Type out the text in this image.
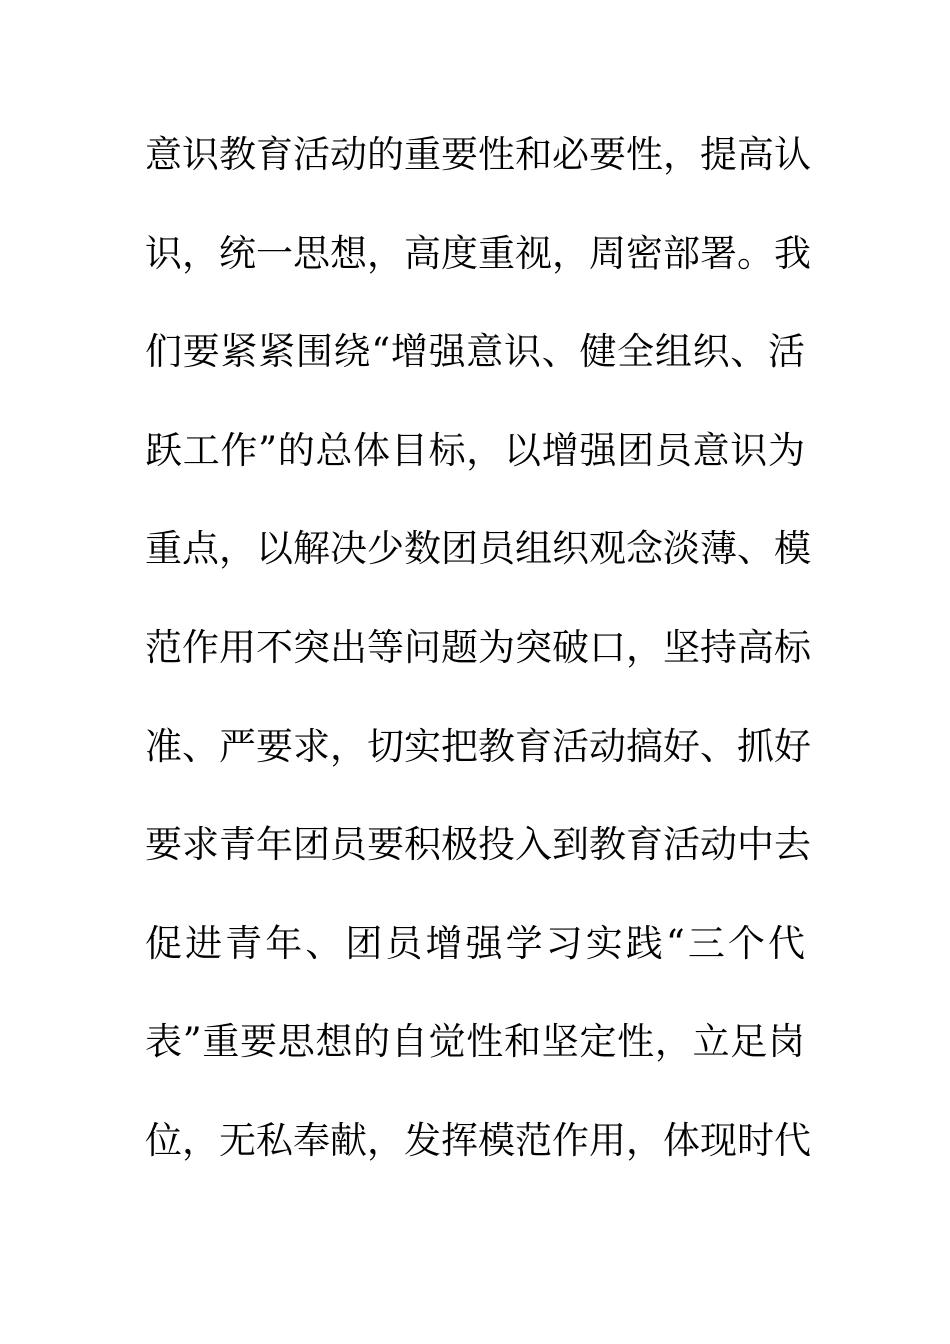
意识教育活动的重要性和必要性，提高认
识，统一思想，高度重视，周密部署。我
们要紧紧围绕“增强意识、健全组织、活
跃工作”的总体目标，以增强团员意识为
重点，以解决少数团员组织观念淡薄、模
范作用不突出等问题为突破口，坚持高标
准、严要求，切实把教育活动搞好、抓好
要求青年团员要积极投入到教育活动中去
促进青年、团员增强学习实践“三个代
表”重要思想的自觉性和坚定性，立足岗
位，无私奉献，发挥模范作用，体现时代
